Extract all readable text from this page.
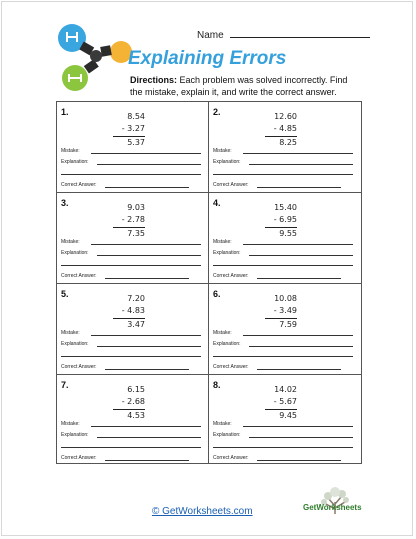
Name
Explaining Errors
Directions: Each problem was solved incorrectly. Find the mistake, explain it, and write the correct answer.
1.	8.54
- 3.27
5.37
Mistake:
Explanation:
Correct Answer:
2.	12.60
- 4.85
8.25
Mistake:
Explanation:
Correct Answer:
3.	9.03
- 2.78
7.35
Mistake:
Explanation:
Correct Answer:
4.	15.40
- 6.95
9.55
Mistake:
Explanation:
Correct Answer:
5.	7.20
- 4.83
3.47
Mistake:
Explanation:
Correct Answer:
6.	10.08
- 3.49
7.59
Mistake:
Explanation:
Correct Answer:
7.	6.15
- 2.68
4.53
Mistake:
Explanation:
Correct Answer:
8.	14.02
- 5.67
9.45
Mistake:
Explanation:
Correct Answer:
© GetWorksheets.com	GetWorksheets
